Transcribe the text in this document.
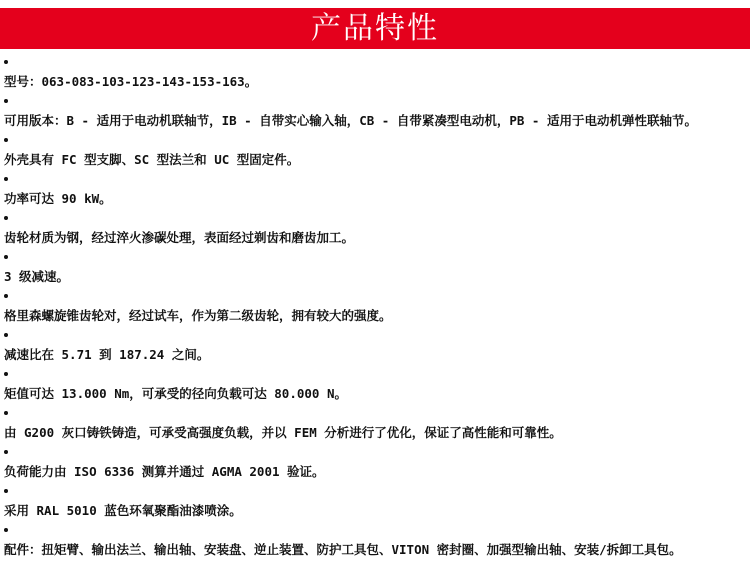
产品特性
型号：063-083-103-123-143-153-163。
可用版本：B - 适用于电动机联轴节，IB - 自带实心输入轴，CB - 自带紧凑型电动机，PB - 适用于电动机弹性联轴节。
外壳具有 FC 型支脚、SC 型法兰和 UC 型固定件。
功率可达 90 kW。
齿轮材质为钢，经过淬火渗碳处理，表面经过剃齿和磨齿加工。
3 级减速。
格里森螺旋锥齿轮对，经过试车，作为第二级齿轮，拥有较大的强度。
减速比在 5.71 到 187.24 之间。
矩值可达 13.000 Nm，可承受的径向负载可达 80.000 N。
由 G200 灰口铸铁铸造，可承受高强度负载，并以 FEM 分析进行了优化，保证了高性能和可靠性。
负荷能力由 ISO 6336 测算并通过 AGMA 2001 验证。
采用 RAL 5010 蓝色环氧聚酯油漆喷涂。
配件：扭矩臂、输出法兰、输出轴、安装盘、逆止装置、防护工具包、VITON 密封圈、加强型输出轴、安装/拆卸工具包。
